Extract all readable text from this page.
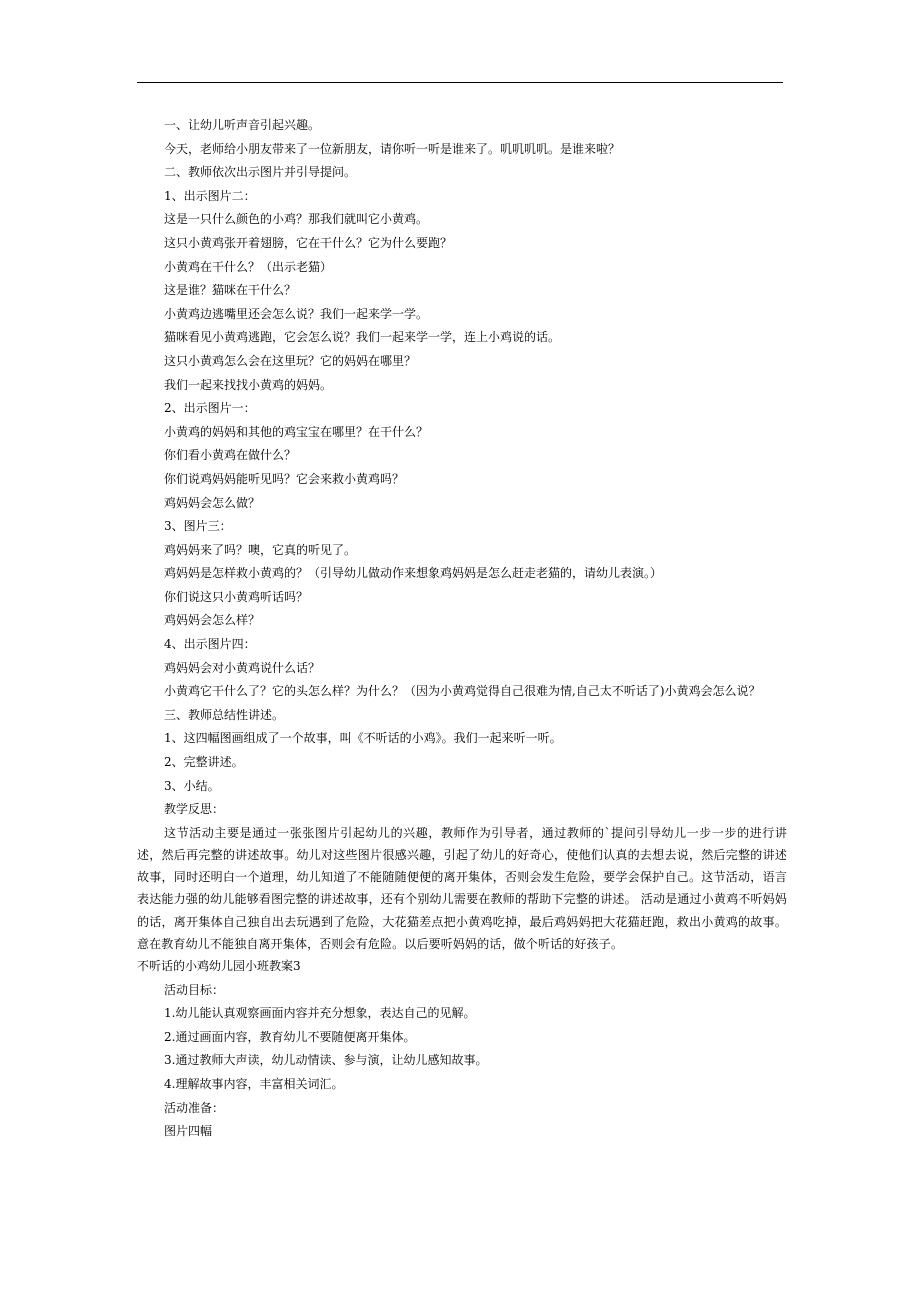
一、让幼儿听声音引起兴趣。
今天，老师给小朋友带来了一位新朋友，请你听一听是谁来了。叽叽叽叽。是谁来啦？
二、教师依次出示图片并引导提问。
1、出示图片二：
这是一只什么颜色的小鸡？那我们就叫它小黄鸡。
这只小黄鸡张开着翅膀，它在干什么？它为什么要跑？
小黄鸡在干什么？（出示老猫）
这是谁？猫咪在干什么？
小黄鸡边逃嘴里还会怎么说？我们一起来学一学。
猫咪看见小黄鸡逃跑，它会怎么说？我们一起来学一学，连上小鸡说的话。
这只小黄鸡怎么会在这里玩？它的妈妈在哪里？
我们一起来找找小黄鸡的妈妈。
2、出示图片一：
小黄鸡的妈妈和其他的鸡宝宝在哪里？在干什么？
你们看小黄鸡在做什么？
你们说鸡妈妈能听见吗？它会来救小黄鸡吗？
鸡妈妈会怎么做？
3、图片三：
鸡妈妈来了吗？噢，它真的听见了。
鸡妈妈是怎样救小黄鸡的？（引导幼儿做动作来想象鸡妈妈是怎么赶走老猫的，请幼儿表演。）
你们说这只小黄鸡听话吗？
鸡妈妈会怎么样？
4、出示图片四：
鸡妈妈会对小黄鸡说什么话？
小黄鸡它干什么了？它的头怎么样？为什么？（因为小黄鸡觉得自己很难为情,自己太不听话了)小黄鸡会怎么说？
三、教师总结性讲述。
1、这四幅图画组成了一个故事，叫《不听话的小鸡》。我们一起来听一听。
2、完整讲述。
3、小结。
教学反思：

这节活动主要是通过一张张图片引起幼儿的兴趣，教师作为引导者，通过教师的`提问引导幼儿一步一步的进行讲述，然后再完整的讲述故事。幼儿对这些图片很感兴趣，引起了幼儿的好奇心，使他们认真的去想去说，然后完整的讲述故事，同时还明白一个道理，幼儿知道了不能随随便便的离开集体，否则会发生危险，要学会保护自己。这节活动，语言表达能力强的幼儿能够看图完整的讲述故事，还有个别幼儿需要在教师的帮助下完整的讲述。 活动是通过小黄鸡不听妈妈的话，离开集体自己独自出去玩遇到了危险，大花猫差点把小黄鸡吃掉，最后鸡妈妈把大花猫赶跑，救出小黄鸡的故事。意在教育幼儿不能独自离开集体，否则会有危险。以后要听妈妈的话，做个听话的好孩子。

不听话的小鸡幼儿园小班教案3
活动目标：
1.幼儿能认真观察画面内容并充分想象，表达自己的见解。
2.通过画面内容，教育幼儿不要随便离开集体。
3.通过教师大声读，幼儿动情读、参与演，让幼儿感知故事。
4.理解故事内容，丰富相关词汇。
活动准备：
图片四幅
